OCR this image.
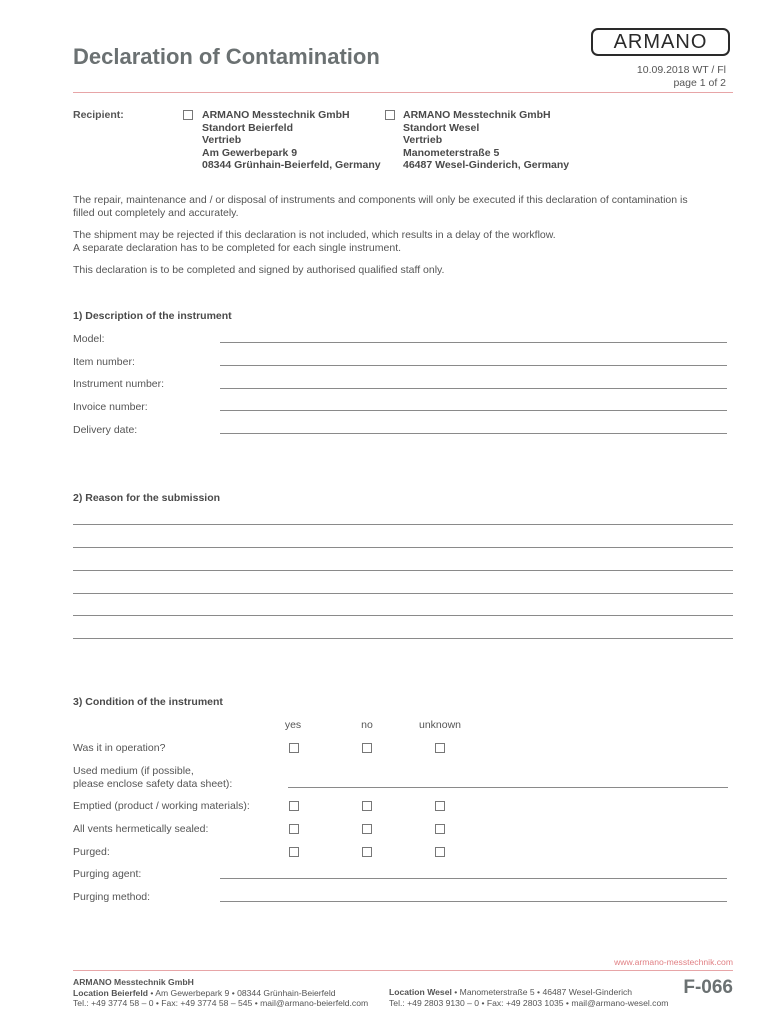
Declaration of Contamination
ARMANO
10.09.2018 WT / Fl
page 1 of 2
Recipient:	ARMANO Messtechnik GmbH
Standort Beierfeld
Vertrieb
Am Gewerbepark 9
08344 Grünhain-Beierfeld, Germany
ARMANO Messtechnik GmbH
Standort Wesel
Vertrieb
Manometerstraße 5
46487 Wesel-Ginderich, Germany
The repair, maintenance and / or disposal of instruments and components will only be executed if this declaration of contamination is
filled out completely and accurately.
The shipment may be rejected if this declaration is not included, which results in a delay of the workflow.
A separate declaration has to be completed for each single instrument.
This declaration is to be completed and signed by authorised qualified staff only.
1) Description of the instrument
Model:
Item number:
Instrument number:
Invoice number:
Delivery date:
2) Reason for the submission
3) Condition of the instrument
yes	no	unknown
Was it in operation?
Used medium (if possible,
please enclose safety data sheet):
Emptied (product / working materials):
All vents hermetically sealed:
Purged:
Purging agent:
Purging method:
www.armano-messtechnik.com
ARMANO Messtechnik GmbH
Location Beierfeld • Am Gewerbepark 9 • 08344 Grünhain-Beierfeld
Tel.: +49 3774 58 – 0 • Fax: +49 3774 58 – 545 • mail@armano-beierfeld.com
Location Wesel • Manometerstraße 5 • 46487 Wesel-Ginderich
Tel.: +49 2803 9130 – 0 • Fax: +49 2803 1035 • mail@armano-wesel.com
F-066
